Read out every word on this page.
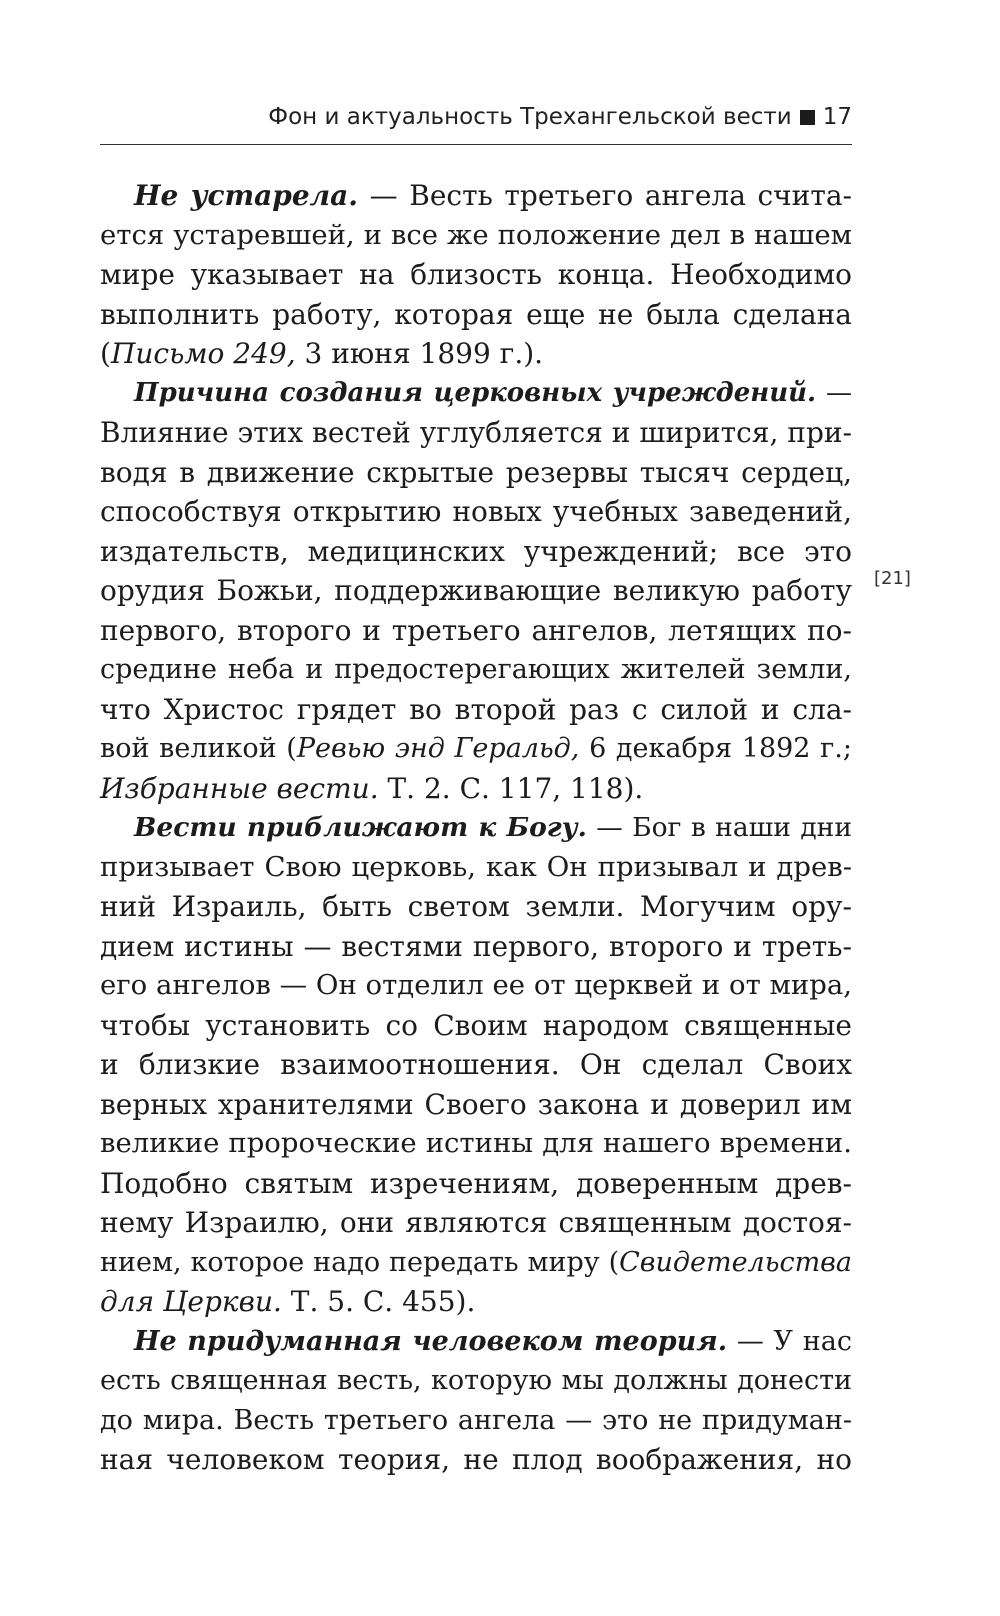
Фон и актуальность Трехангельской вести 17
[21]
Не устарела. — Весть третьего ангела счита-
ется устаревшей, и все же положение дел в нашем
мире указывает на близость конца. Необходимо
выполнить работу, которая еще не была сделана
(Письмо 249, 3 июня 1899 г.).
Причина создания церковных учреждений. —
Влияние этих вестей углубляется и ширится, при-
водя в движение скрытые резервы тысяч сердец,
способствуя открытию новых учебных заведений,
издательств, медицинских учреждений; все это
орудия Божьи, поддерживающие великую работу
первого, второго и третьего ангелов, летящих по-
средине неба и предостерегающих жителей земли,
что Христос грядет во второй раз с силой и сла-
вой великой (Ревью энд Геральд, 6 декабря 1892 г.;
Избранные вести. Т. 2. С. 117, 118).
Вести приближают к Богу. — Бог в наши дни
призывает Свою церковь, как Он призывал и древ-
ний Израиль, быть светом земли. Могучим ору-
дием истины — вестями первого, второго и треть-
его ангелов — Он отделил ее от церквей и от мира,
чтобы установить со Своим народом священные
и близкие взаимоотношения. Он сделал Своих
верных хранителями Своего закона и доверил им
великие пророческие истины для нашего времени.
Подобно святым изречениям, доверенным древ-
нему Израилю, они являются священным достоя-
нием, которое надо передать миру (Свидетельства
для Церкви. Т. 5. С. 455).
Не придуманная человеком теория. — У нас
есть священная весть, которую мы должны донести
до мира. Весть третьего ангела — это не придуман-
ная человеком теория, не плод воображения, но
